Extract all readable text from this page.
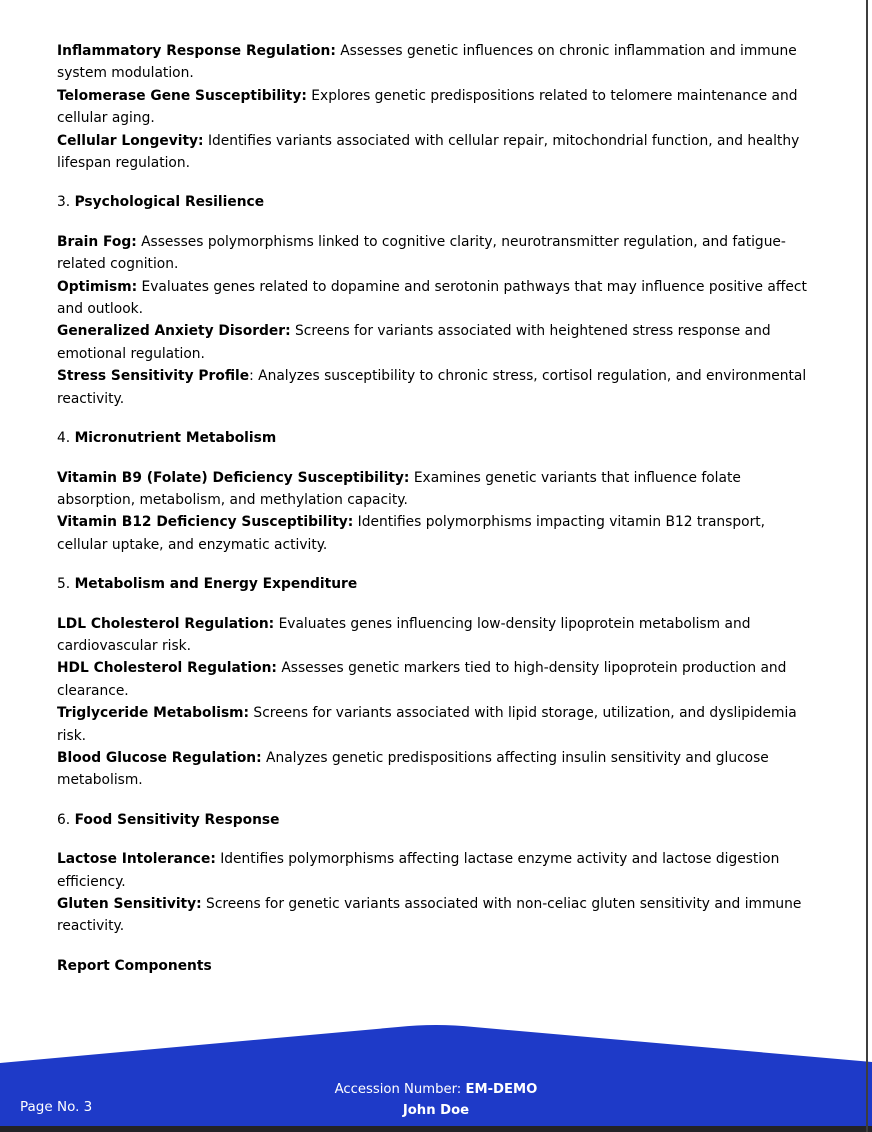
Inflammatory Response Regulation: Assesses genetic influences on chronic inflammation and immune system modulation.

Telomerase Gene Susceptibility: Explores genetic predispositions related to telomere maintenance and cellular aging.

Cellular Longevity: Identifies variants associated with cellular repair, mitochondrial function, and healthy lifespan regulation.

3. Psychological Resilience

Brain Fog: Assesses polymorphisms linked to cognitive clarity, neurotransmitter regulation, and fatigue-related cognition.

Optimism: Evaluates genes related to dopamine and serotonin pathways that may influence positive affect and outlook.

Generalized Anxiety Disorder: Screens for variants associated with heightened stress response and emotional regulation.

Stress Sensitivity Profile: Analyzes susceptibility to chronic stress, cortisol regulation, and environmental reactivity.

4. Micronutrient Metabolism

Vitamin B9 (Folate) Deficiency Susceptibility: Examines genetic variants that influence folate absorption, metabolism, and methylation capacity.

Vitamin B12 Deficiency Susceptibility: Identifies polymorphisms impacting vitamin B12 transport, cellular uptake, and enzymatic activity.

5. Metabolism and Energy Expenditure

LDL Cholesterol Regulation: Evaluates genes influencing low-density lipoprotein metabolism and cardiovascular risk.

HDL Cholesterol Regulation: Assesses genetic markers tied to high-density lipoprotein production and clearance.

Triglyceride Metabolism: Screens for variants associated with lipid storage, utilization, and dyslipidemia risk.

Blood Glucose Regulation: Analyzes genetic predispositions affecting insulin sensitivity and glucose metabolism.

6. Food Sensitivity Response

Lactose Intolerance: Identifies polymorphisms affecting lactase enzyme activity and lactose digestion efficiency.

Gluten Sensitivity: Screens for genetic variants associated with non-celiac gluten sensitivity and immune reactivity.

Report Components

Accession Number: EM-DEMO
John Doe
Page No. 3
